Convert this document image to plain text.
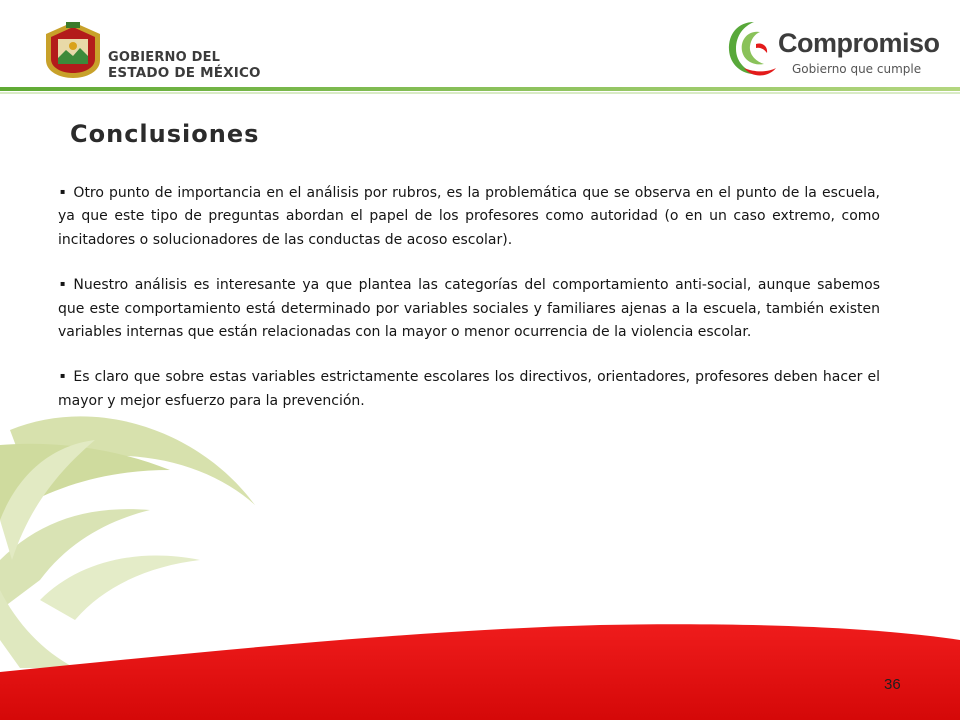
GOBIERNO DEL
ESTADO DE MÉXICO
Compromiso
Gobierno que cumple
Conclusiones

▪ Otro punto de importancia en el análisis por rubros, es la problemática que se observa en el punto de la escuela, ya que este tipo de preguntas abordan el papel de los profesores como autoridad (o en un caso extremo, como incitadores o solucionadores de las conductas de acoso escolar).

▪ Nuestro análisis es interesante ya que plantea las categorías del comportamiento anti-social, aunque sabemos que este comportamiento está determinado por variables sociales y familiares ajenas a la escuela, también existen variables internas que están relacionadas con la mayor o menor ocurrencia de la violencia escolar.

▪ Es claro que sobre estas variables estrictamente escolares los directivos, orientadores, profesores deben hacer el mayor y mejor esfuerzo para la prevención.

36
